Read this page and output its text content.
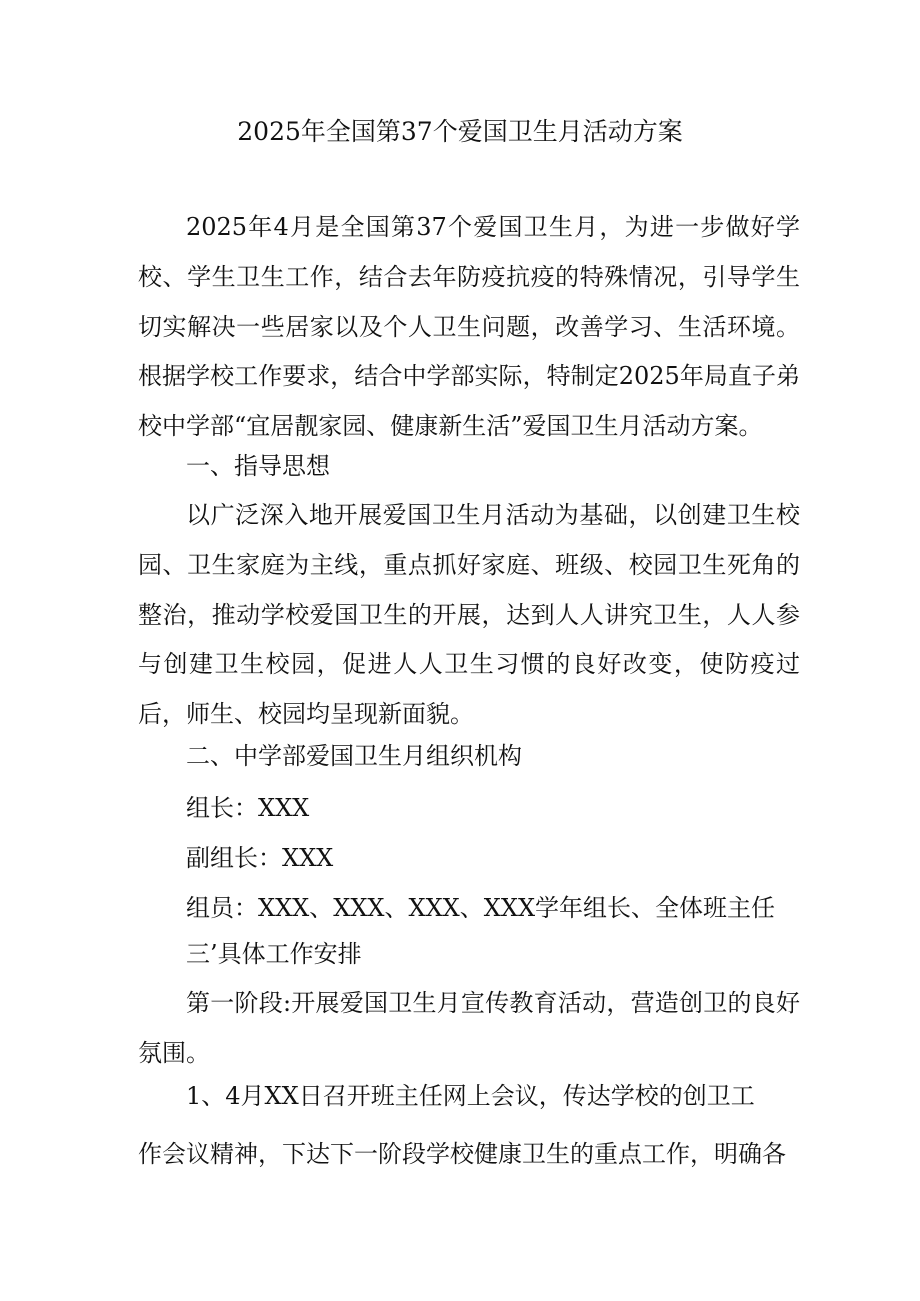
2025年全国第37个爱国卫生月活动方案

2025年4月是全国第37个爱国卫生月，为进一步做好学校、学生卫生工作，结合去年防疫抗疫的特殊情况，引导学生切实解决一些居家以及个人卫生问题，改善学习、生活环境。根据学校工作要求，结合中学部实际，特制定2025年局直子弟校中学部“宜居靓家园、健康新生活”爱国卫生月活动方案。

一、指导思想

以广泛深入地开展爱国卫生月活动为基础，以创建卫生校园、卫生家庭为主线，重点抓好家庭、班级、校园卫生死角的整治，推动学校爱国卫生的开展，达到人人讲究卫生，人人参与创建卫生校园，促进人人卫生习惯的良好改变，使防疫过后，师生、校园均呈现新面貌。

二、中学部爱国卫生月组织机构
组长：XXX
副组长：XXX
组员：XXX、XXX、XXX、XXX学年组长、全体班主任
三’具体工作安排

第一阶段:开展爱国卫生月宣传教育活动，营造创卫的良好氛围。

1、4月XX日召开班主任网上会议，传达学校的创卫工
作会议精神，下达下一阶段学校健康卫生的重点工作，明确各
